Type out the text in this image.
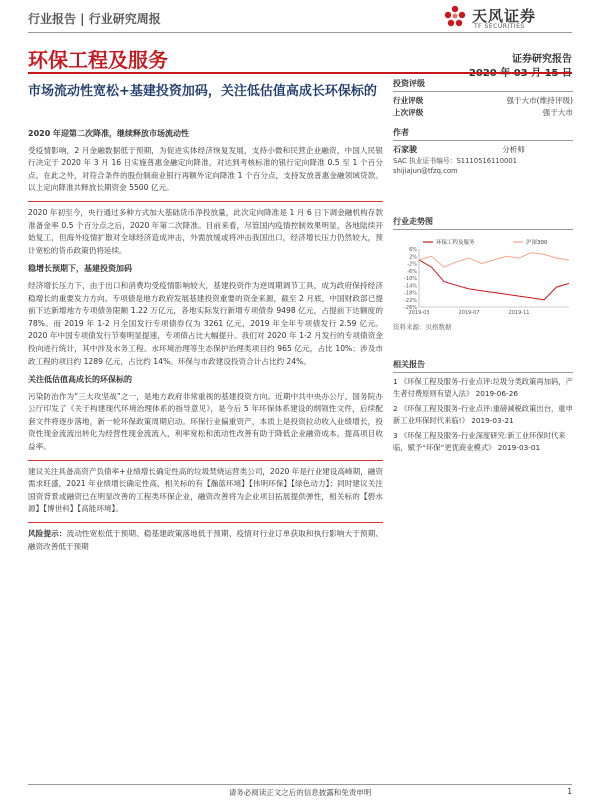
行业报告 | 行业研究周报	天风证券
TF SECURITIES
环保工程及服务	证券研究报告
2020 年 03 月 15 日
市场流动性宽松+基建投资加码，关注低估值高成长环保标的
2020 年迎第二次降准，继续释放市场流动性

受疫情影响，2 月金融数据低于预期，为促进实体经济恢复发展，支持小微和民营企业融资，中国人民银行决定于 2020 年 3 月 16 日实施普惠金融定向降准，对达到考核标准的银行定向降准 0.5 至 1 个百分点。在此之外，对符合条件的股份制商业银行再额外定向降准 1 个百分点，支持发放普惠金融领域贷款。以上定向降准共释放长期资金 5500 亿元。

2020 年初至今，央行通过多种方式加大基础货币净投放量，此次定向降准是 1 月 6 日下调金融机构存款准备金率 0.5 个百分点之后，2020 年第二次降准。目前来看，尽管国内疫情控制效果明显，各地陆续开始复工，但海外疫情扩散对全球经济造成冲击，外需放缓或将冲击我国出口，经济增长压力仍然较大，预计宽松的货币政策仍将延续。

稳增长预期下，基建投资加码

经济增长压力下，由于出口和消费均受疫情影响较大，基建投资作为逆周期调节工具，成为政府保持经济稳增长的重要发力方向。专项债是地方政府发展基建投资重要的资金来源，截至 2 月底，中国财政部已提前下达新增地方专项债务限额 1.22 万亿元，各地实际发行新增专项债券 9498 亿元，占提前下达额度的 78%。而 2019 年 1-2 月全国发行专项债券仅为 3261 亿元，2019 年全年专项债发行 2.59 亿元。2020 年中国专项债发行节奏明显提速，专项债占比大幅提升。我们对 2020 年 1-2 月发行的专项债资金投向进行统计，其中涉及水务工程、水环境治理等生态保护治理类项目约 965 亿元，占比 10%；涉及市政工程的项目约 1289 亿元，占比约 14%。环保与市政建设投资合计占比约 24%。

关注低估值高成长的环保标的

污染防治作为“三大攻坚战”之一，是地方政府非常重视的基建投资方向。近期中共中央办公厅、国务院办公厅印发了《关于构建现代环境治理体系的指导意见》，是今后 5 年环保体系建设的纲领性文件，后续配套文件将逐步落地，新一轮环保政策周期启动。环保行业偏重资产，本质上是投资拉动收入业绩增长，投资性现金流流出转化为经营性现金流流入，利率宽松和流动性改善有助于降低企业融资成本，提高项目收益率。

建议关注具备高资产负债率+业绩增长确定性高的垃圾焚烧运营类公司，2020 年是行业建设高峰期，融资需求旺盛，2021 年业绩增长确定性高，相关标的有【瀚蓝环境】【伟明环保】【绿色动力】；同时建议关注国资背景或融资已在明显改善的工程类环保企业，融资改善将为企业项目拓展提供弹性，相关标的【碧水源】【博世科】【高能环境】。

风险提示：流动性宽松低于预期、稳基建政策落地低于预期、疫情对行业订单获取和执行影响大于预期、融资改善低于预期

投资评级
行业评级	强于大市(维持评级)
上次评级	强于大市
作者
石家骏	分析师
SAC 执业证书编号：S1110516110001
shijiajun@tfzq.com
行业走势图
6%
2%
-2%
-6%
-10%
-14%
-18%
-22%
-26%
2019-03	2019-07	2019-11
环保工程及服务	沪深300
资料来源：贝格数据
相关报告
1 《环保工程及服务-行业点评:垃圾分类政策再加码，产生者付费原则有望入法》 2019-06-26
2 《环保工程及服务-行业点评:重磅减税政策出台，重申新工业环保时代来临!》 2019-03-21
3 《环保工程及服务-行业深度研究:新工业环保时代来临，赋予“环保”更优商业模式》 2019-03-01
请务必阅读正文之后的信息披露和免责申明	1
